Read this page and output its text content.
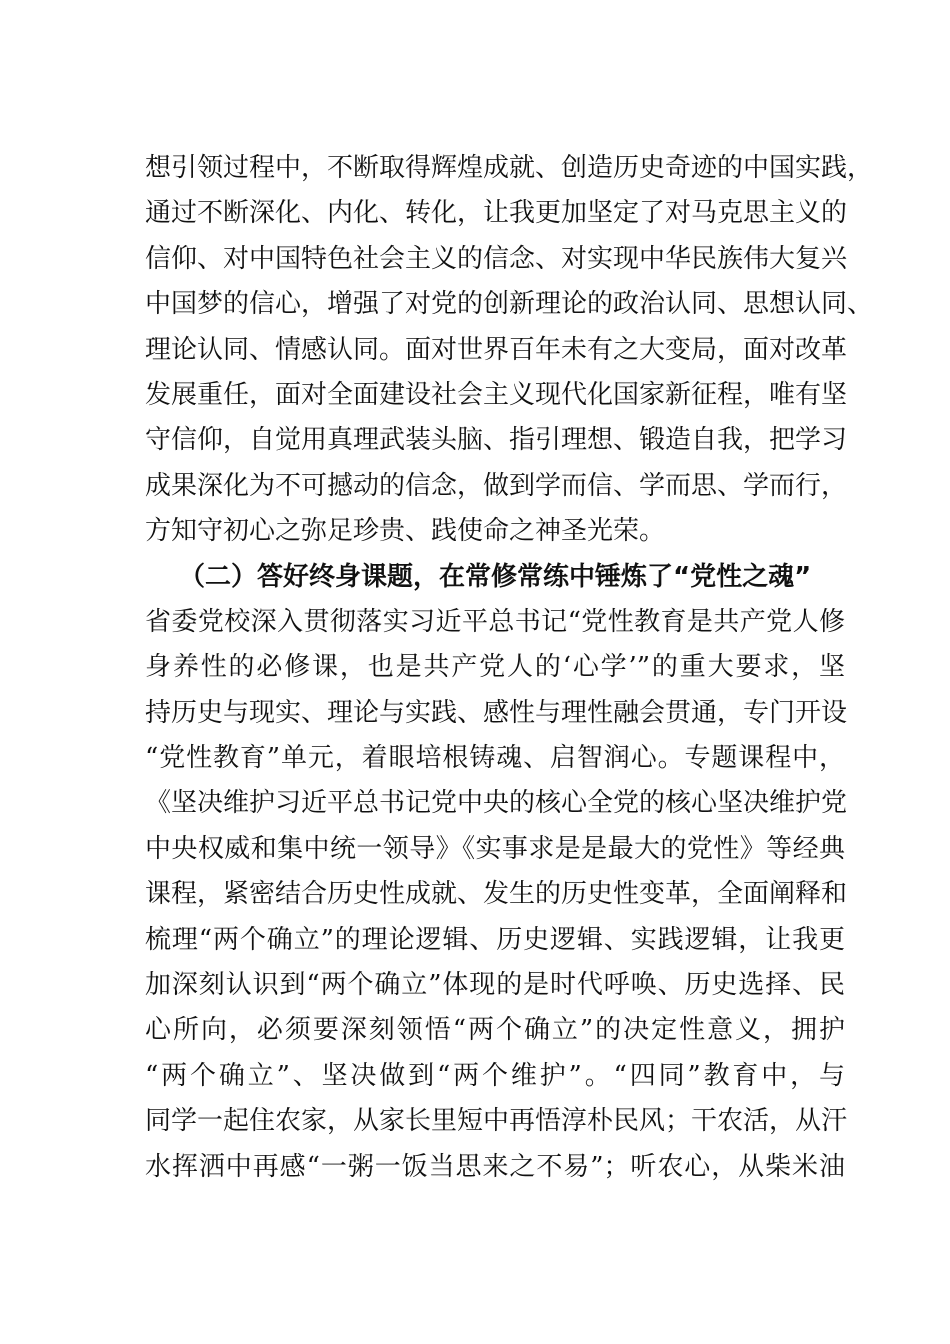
想引领过程中，不断取得辉煌成就、创造历史奇迹的中国实践，
通过不断深化、内化、转化，让我更加坚定了对马克思主义的
信仰、对中国特色社会主义的信念、对实现中华民族伟大复兴
中国梦的信心，增强了对党的创新理论的政治认同、思想认同、
理论认同、情感认同。面对世界百年未有之大变局，面对改革
发展重任，面对全面建设社会主义现代化国家新征程，唯有坚
守信仰，自觉用真理武装头脑、指引理想、锻造自我，把学习
成果深化为不可撼动的信念，做到学而信、学而思、学而行，
方知守初心之弥足珍贵、践使命之神圣光荣。
（二）答好终身课题，在常修常练中锤炼了“党性之魂”
省委党校深入贯彻落实习近平总书记“党性教育是共产党人修
身养性的必修课，也是共产党人的‘心学’”的重大要求，坚
持历史与现实、理论与实践、感性与理性融会贯通，专门开设
“党性教育”单元，着眼培根铸魂、启智润心。专题课程中，
《坚决维护习近平总书记党中央的核心全党的核心坚决维护党
中央权威和集中统一领导》《实事求是是最大的党性》等经典
课程，紧密结合历史性成就、发生的历史性变革，全面阐释和
梳理“两个确立”的理论逻辑、历史逻辑、实践逻辑，让我更
加深刻认识到“两个确立”体现的是时代呼唤、历史选择、民
心所向，必须要深刻领悟“两个确立”的决定性意义，拥护
“两个确立”、坚决做到“两个维护”。“四同”教育中，与
同学一起住农家，从家长里短中再悟淳朴民风；干农活，从汗
水挥洒中再感“一粥一饭当思来之不易”；听农心，从柴米油
